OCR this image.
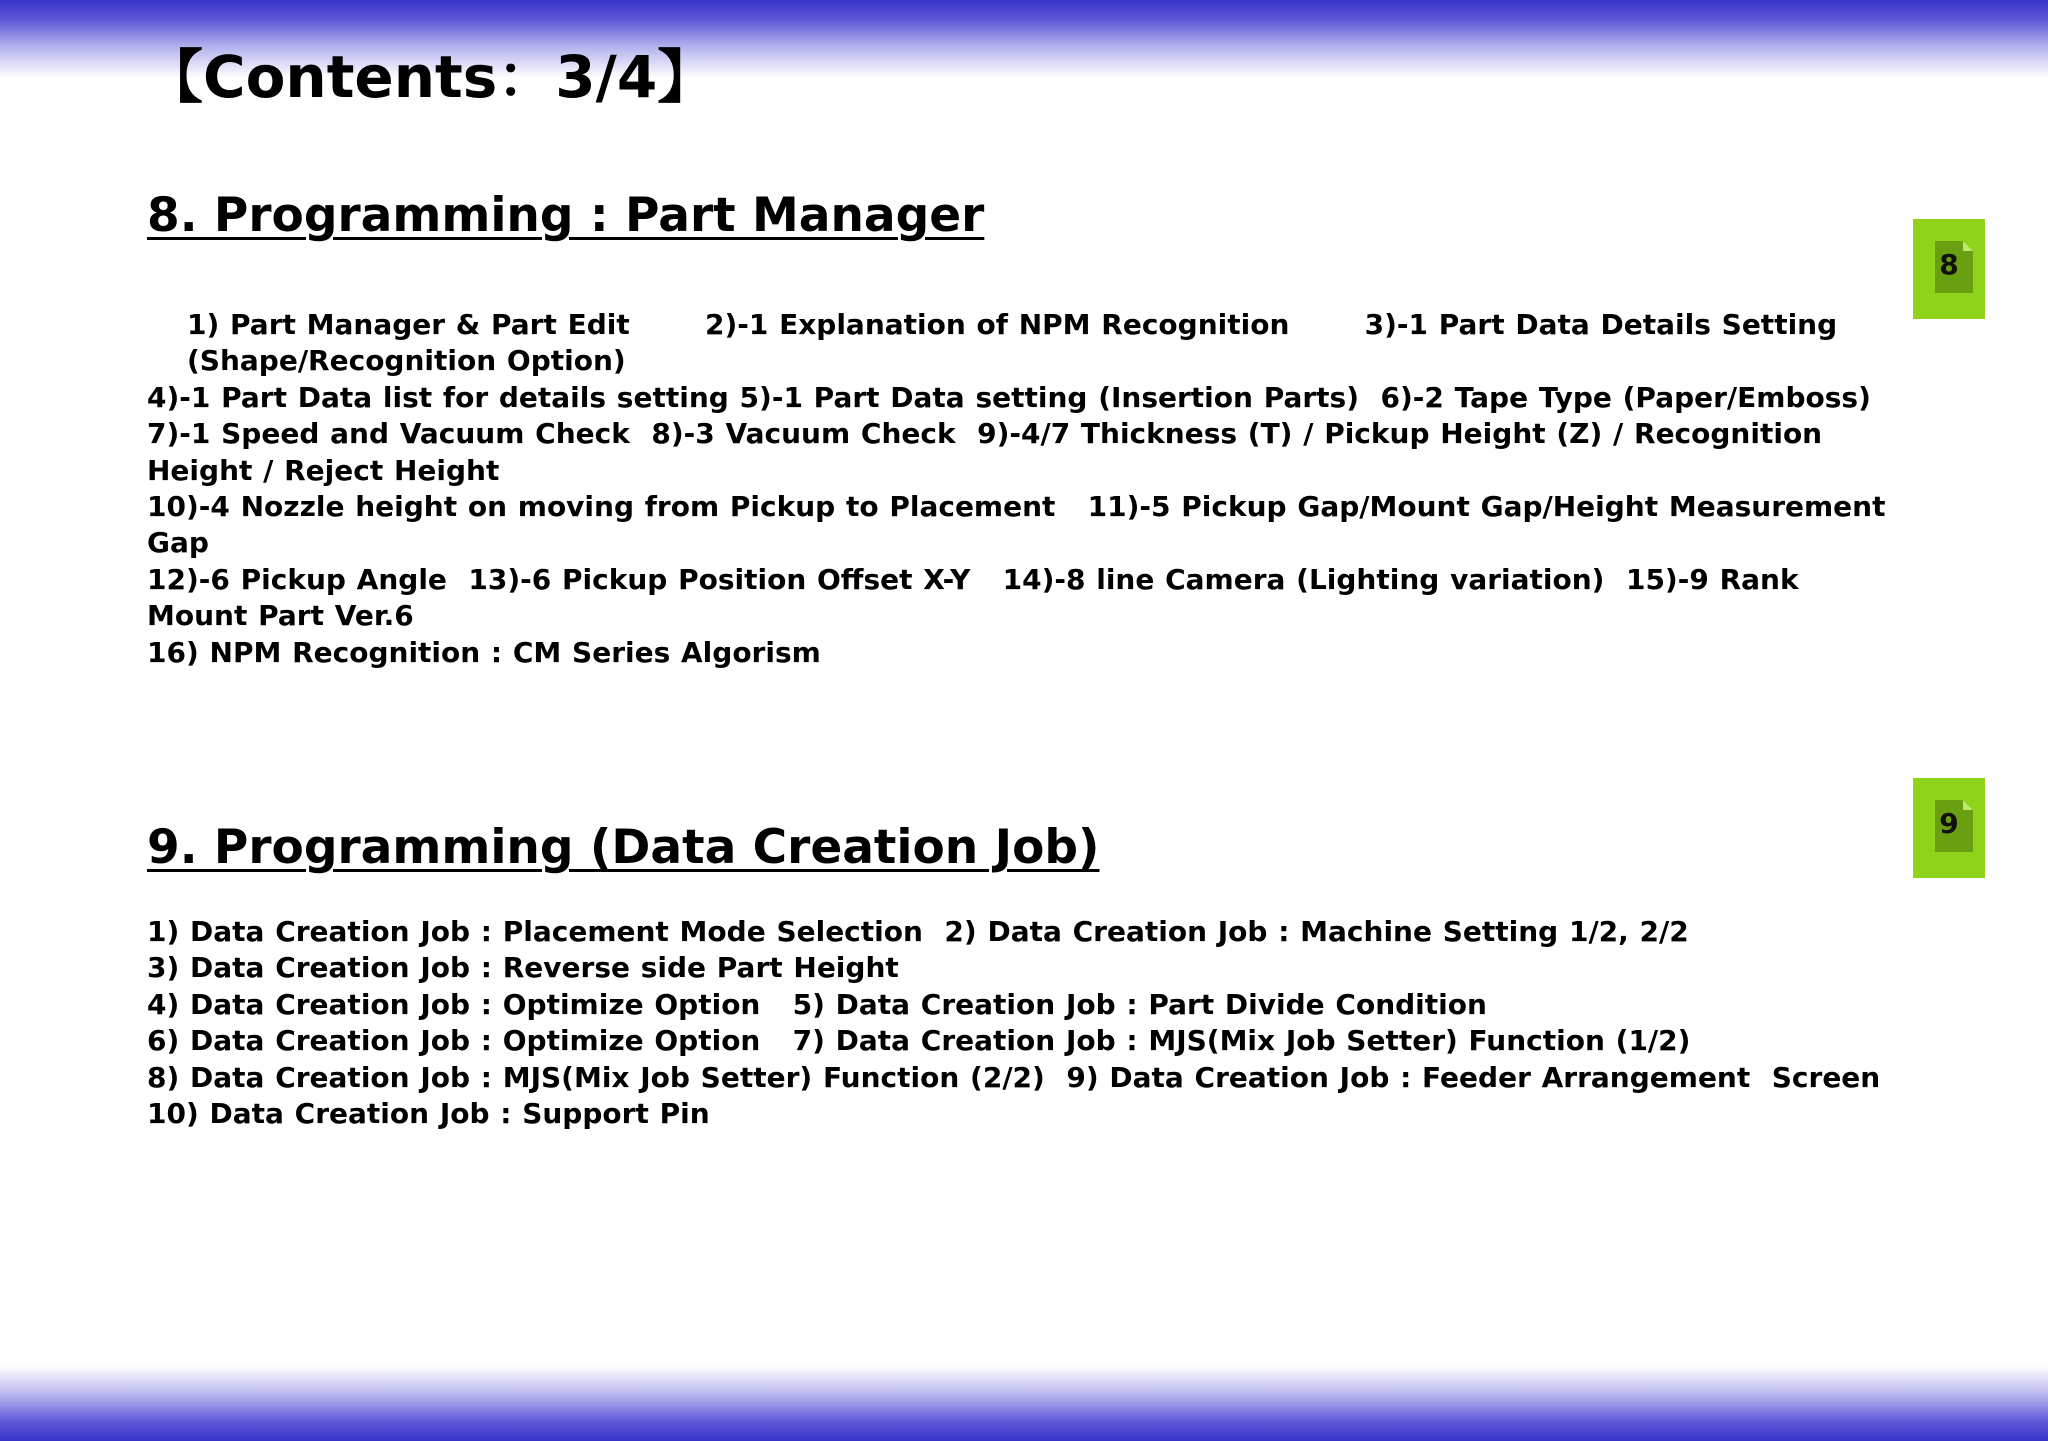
【Contents：3/4】
8. Programming : Part Manager
1) Part Manager & Part Edit       2)-1 Explanation of NPM Recognition       3)-1 Part Data Details Setting (Shape/Recognition Option)
4)-1 Part Data list for details setting 5)-1 Part Data setting (Insertion Parts)  6)-2 Tape Type (Paper/Emboss)
7)-1 Speed and Vacuum Check  8)-3 Vacuum Check  9)-4/7 Thickness (T) / Pickup Height (Z) / Recognition Height / Reject Height
10)-4 Nozzle height on moving from Pickup to Placement   11)-5 Pickup Gap/Mount Gap/Height Measurement Gap
12)-6 Pickup Angle  13)-6 Pickup Position Offset X-Y   14)-8 line Camera (Lighting variation)  15)-9 Rank Mount Part Ver.6
16) NPM Recognition : CM Series Algorism
8
9. Programming (Data Creation Job)
1) Data Creation Job : Placement Mode Selection  2) Data Creation Job : Machine Setting 1/2, 2/2
3) Data Creation Job : Reverse side Part Height
4) Data Creation Job : Optimize Option   5) Data Creation Job : Part Divide Condition
6) Data Creation Job : Optimize Option   7) Data Creation Job : MJS(Mix Job Setter) Function (1/2)
8) Data Creation Job : MJS(Mix Job Setter) Function (2/2)  9) Data Creation Job : Feeder Arrangement  Screen
10) Data Creation Job : Support Pin
9
